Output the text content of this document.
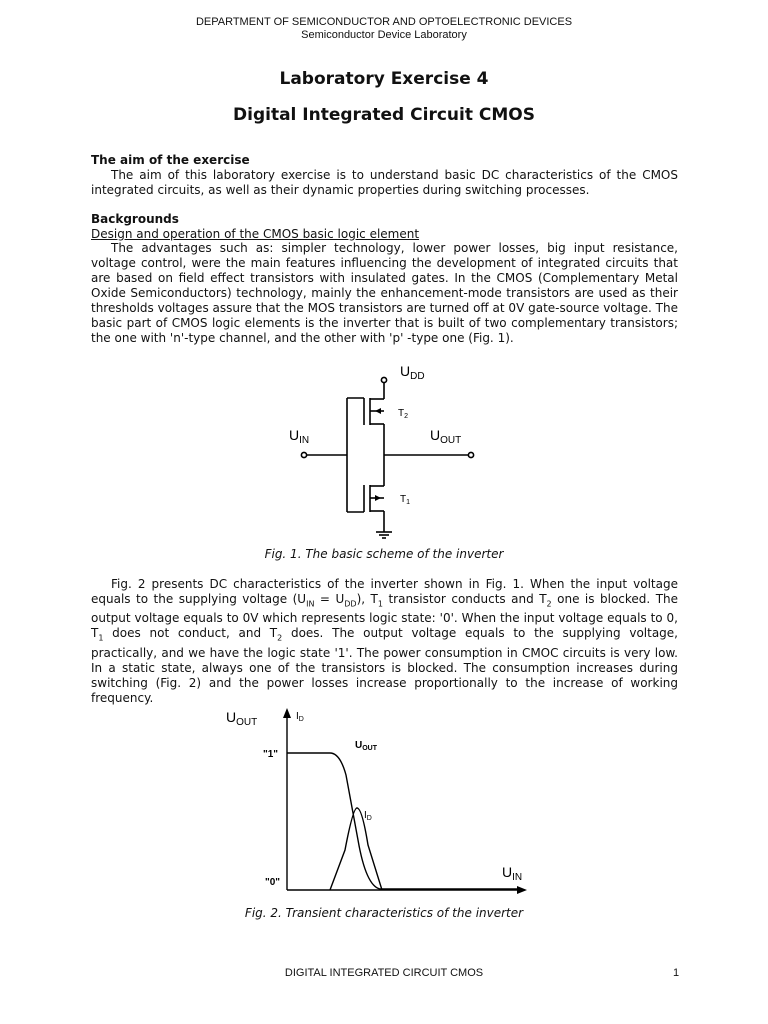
DEPARTMENT OF SEMICONDUCTOR AND OPTOELECTRONIC DEVICES
Semiconductor Device Laboratory
Laboratory Exercise 4
Digital Integrated Circuit CMOS
The aim of the exercise

The aim of this laboratory exercise is to understand basic DC characteristics of the CMOS integrated circuits, as well as their dynamic properties during switching processes.

Backgrounds
Design and operation of the CMOS basic logic element

The advantages such as: simpler technology, lower power losses, big input resistance, voltage control, were the main features influencing the development of integrated circuits that are based on field effect transistors with insulated gates. In the CMOS (Complementary Metal Oxide Semiconductors) technology, mainly the enhancement-mode transistors are used as their thresholds voltages assure that the MOS transistors are turned off at 0V gate-source voltage. The basic part of CMOS logic elements is the inverter that is built of two complementary transistors; the one with 'n'-type channel, and the other with 'p' -type one (Fig. 1).

$U_{DD}$
$T_2$
$U_{IN}$	$U_{OUT}$
$T_1$
Fig. 1. The basic scheme of the inverter

Fig. 2 presents DC characteristics of the inverter shown in Fig. 1. When the input voltage equals to the supplying voltage $(U_{IN} = U_{DD})$, $T_1$ transistor conducts and $T_2$ one is blocked. The output voltage equals to 0V which represents logic state: '0'. When the input voltage equals to 0, $T_1$ does not conduct, and $T_2$ does. The output voltage equals to the supplying voltage, practically, and we have the logic state '1'. The power consumption in CMOC circuits is very low. In a static state, always one of the transistors is blocked. The consumption increases during switching (Fig. 2) and the power losses increase proportionally to the increase of working frequency.

$U_{OUT}$
$I_D$
$U_{OUT}$
$I_D$
"1"
"0"
$U_{IN}$
Fig. 2. Transient characteristics of the inverter
DIGITAL INTEGRATED CIRCUIT CMOS	1
